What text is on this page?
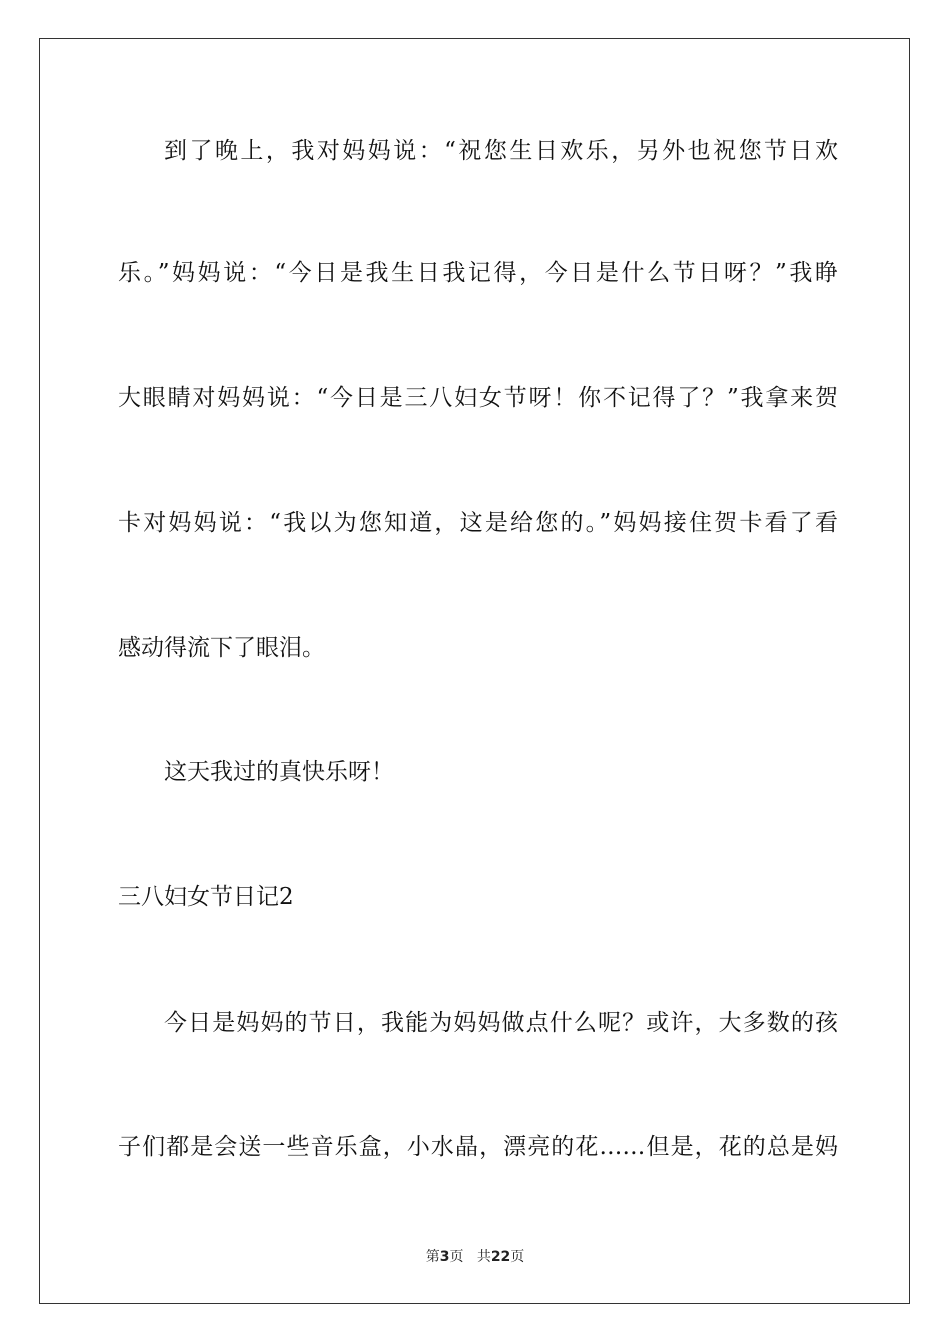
到了晚上，我对妈妈说：“祝您生日欢乐，另外也祝您节日欢
乐。”妈妈说：“今日是我生日我记得，今日是什么节日呀？”我睁
大眼睛对妈妈说：“今日是三八妇女节呀！你不记得了？”我拿来贺
卡对妈妈说：“我以为您知道，这是给您的。”妈妈接住贺卡看了看
感动得流下了眼泪。
这天我过的真快乐呀！
三八妇女节日记2
今日是妈妈的节日，我能为妈妈做点什么呢？或许，大多数的孩
子们都是会送一些音乐盒，小水晶，漂亮的花……但是，花的总是妈
第3页 共22页
